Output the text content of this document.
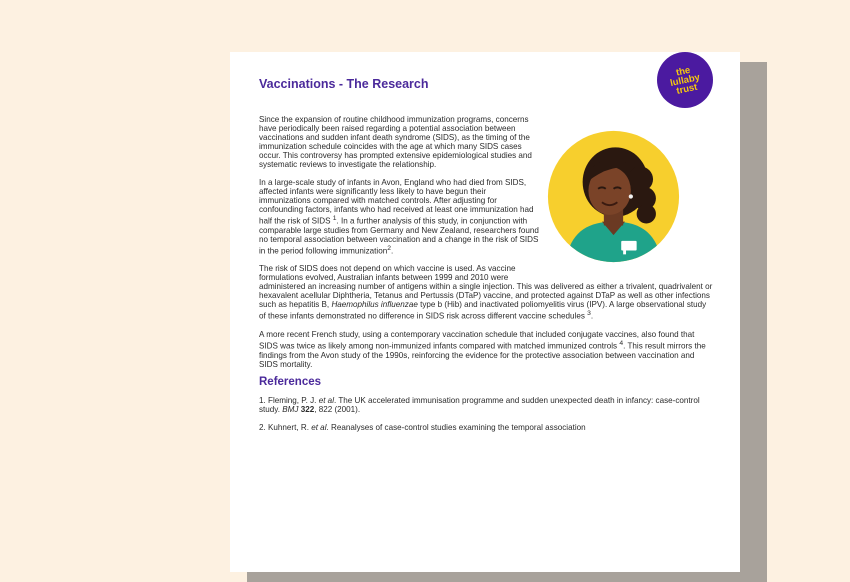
the
lullaby
trust
Vaccinations - The Research

Since the expansion of routine childhood immunization programs, concerns have periodically been raised regarding a potential association between vaccinations and sudden infant death syndrome (SIDS), as the timing of the immunization schedule coincides with the age at which many SIDS cases occur. This controversy has prompted extensive epidemiological studies and systematic reviews to investigate the relationship.

In a large-scale study of infants in Avon, England who had died from SIDS, affected infants were significantly less likely to have begun their immunizations compared with matched controls. After adjusting for confounding factors, infants who had received at least one immunization had half the risk of SIDS $^1$. In a further analysis of this study, in conjunction with comparable large studies from Germany and New Zealand, researchers found no temporal association between vaccination and a change in the risk of SIDS in the period following immunization$^2$.

The risk of SIDS does not depend on which vaccine is used. As vaccine formulations evolved, Australian infants between 1999 and 2010 were administered an increasing number of antigens within a single injection. This was delivered as either a trivalent, quadrivalent or hexavalent acellular Diphtheria, Tetanus and Pertussis (DTaP) vaccine, and protected against DTaP as well as other infections such as hepatitis B, Haemophilus influenzae type b (Hib) and inactivated poliomyelitis virus (IPV). A large observational study of these infants demonstrated no difference in SIDS risk across different vaccine schedules $^3$.

A more recent French study, using a contemporary vaccination schedule that included conjugate vaccines, also found that SIDS was twice as likely among non-immunized infants compared with matched immunized controls $^4$. This result mirrors the findings from the Avon study of the 1990s, reinforcing the evidence for the protective association between vaccination and SIDS mortality.

References
1. Fleming, P. J. et al. The UK accelerated immunisation programme and sudden unexpected death in infancy: case-control study. BMJ 322, 822 (2001).
2. Kuhnert, R. et al. Reanalyses of case-control studies examining the temporal association
